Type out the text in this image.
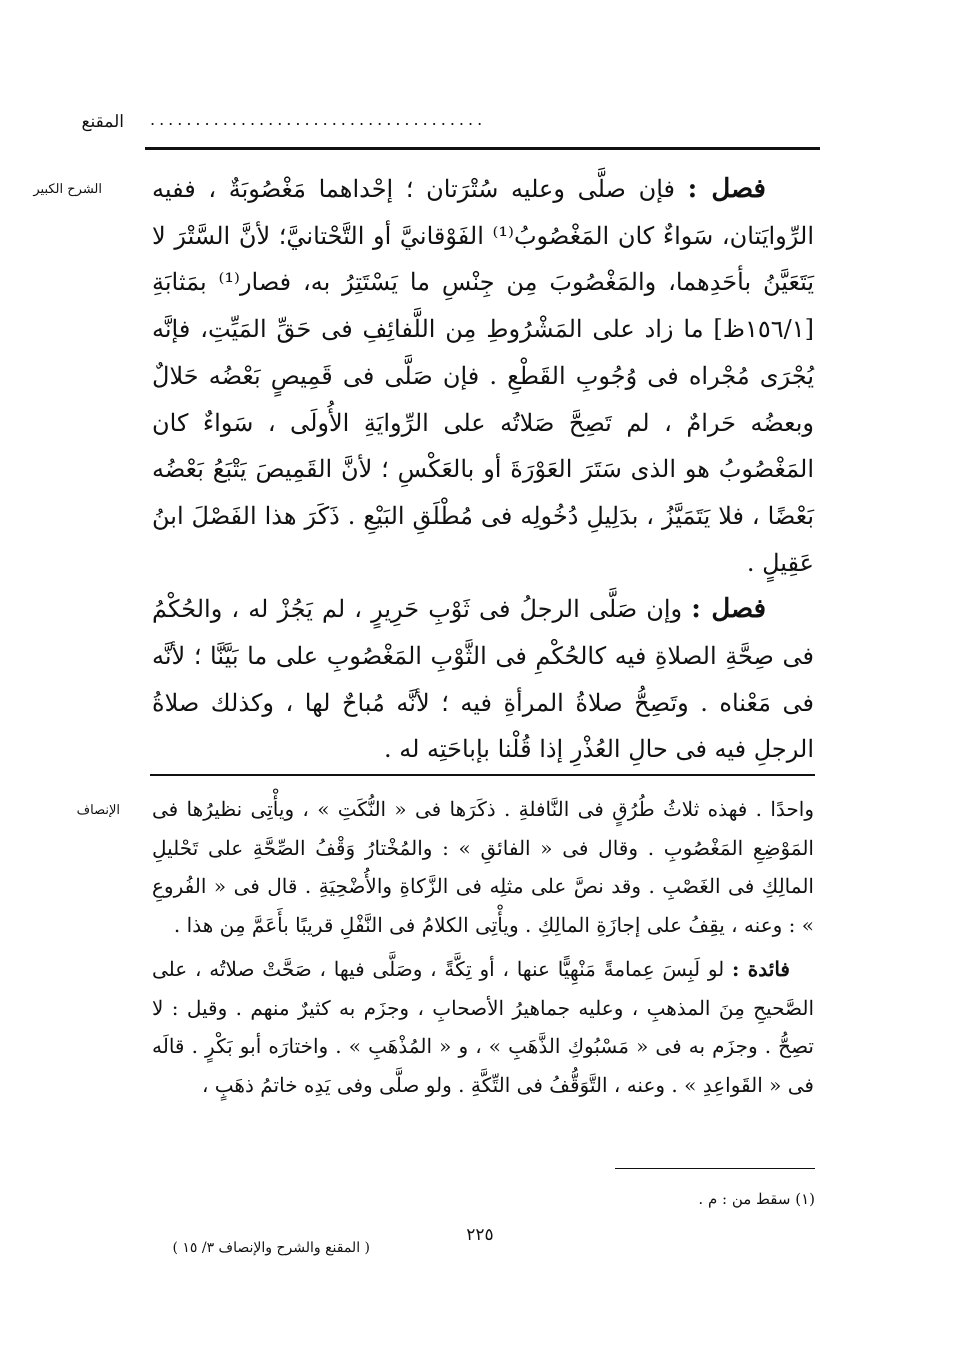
المقنع .....................................
الشرح الكبير	فصل : فإن صلَّى وعليه سُتْرَتان ؛ إحْداهما مَغْصُوبَةٌ ، ففيه الرِّوايَتان، سَواءٌ كان المَغْصُوبُ⁽¹⁾ الفَوْقانيَّ أو التَّحْتانيَّ؛ لأنَّ السَّتْرَ لا يَتَعَيَّنُ بأحَدِهما، والمَغْصُوبَ مِن جِنْسِ ما يَسْتَتِرُ به، فصار⁽¹⁾ بمَثابَةِ [١٥٦/١ظ] ما زاد على المَشْرُوطِ مِن اللَّفائِفِ فى حَقِّ المَيِّتِ، فإنَّه يُجْرَى مُجْراه فى وُجُوبِ القَطْعِ . فإن صَلَّى فى قَمِيصٍ بَعْضُه حَلالٌ وبعضُه حَرامٌ ، لم تَصِحَّ صَلاتُه على الرِّوايَةِ الأُولَى ، سَواءٌ كان المَغْصُوبُ هو الذى سَتَرَ العَوْرَةَ أو بالعَكْسِ ؛ لأنَّ القَمِيصَ يَتْبَعُ بَعْضُه بَعْضًا ، فلا يَتَمَيَّزُ ، بدَلِيلِ دُخُولِه فى مُطْلَقِ البَيْعِ . ذَكَرَ هذا الفَصْلَ ابنُ عَقِيلٍ .

فصل : وإن صَلَّى الرجلُ فى ثَوْبِ حَرِيرٍ ، لم يَجُزْ له ، والحُكْمُ فى صِحَّةِ الصلاةِ فيه كالحُكْمِ فى الثَّوْبِ المَغْصُوبِ على ما بَيَّنَّا ؛ لأنَّه فى مَعْناه . وتَصِحُّ صلاةُ المرأةِ فيه ؛ لأنَّه مُباحٌ لها ، وكذلك صلاةُ الرجلِ فيه فى حالِ العُذْرِ إذا قُلْنا بإباحَتِه له .

الإنصاف واحدًا . فهذه ثلاثُ طُرُقٍ فى النَّافلةِ . ذكَرَها فى « النُّكَتِ » ، ويأْتِى نظيرُها فى المَوْضِعِ المَغْصُوبِ . وقال فى « الفائقِ » : والمُخْتارُ وَقْفُ الصِّحَّةِ على تَحْليلِ المالِكِ فى الغَصْبِ . وقد نصَّ على مثلِه فى الزَّكاةِ والأُضْحِيَةِ . قال فى « الفُروعِ » : وعنه ، يقِفُ على إجازَةِ المالِكِ . ويأْتِى الكلامُ فى النَّفْلِ قريبًا بأَعَمَّ مِن هذا .

فائدة : لو لَبِسَ عِمامةً مَنْهِيًّا عنها ، أو تِكَّةً ، وصَلَّى فيها ، صَحَّتْ صلاتُه ، على الصَّحيحِ مِنَ المذهبِ ، وعليه جماهيرُ الأصحابِ ، وجزَم به كثيرٌ منهم . وقيل : لا تصِحُّ . وجزَم به فى « مَسْبُوكِ الذَّهَبِ » ، و « المُذْهَبِ » . واختارَه أبو بَكْرٍ . قالَه فى « القَواعِدِ » . وعنه ، التَّوَقُّفُ فى التِّكَّةِ . ولو صلَّى وفى يَدِه خاتمُ ذهَبٍ ،

(١) سقط من : م .
٢٢٥
( المقنع والشرح والإنصاف ٣/ ١٥ )
